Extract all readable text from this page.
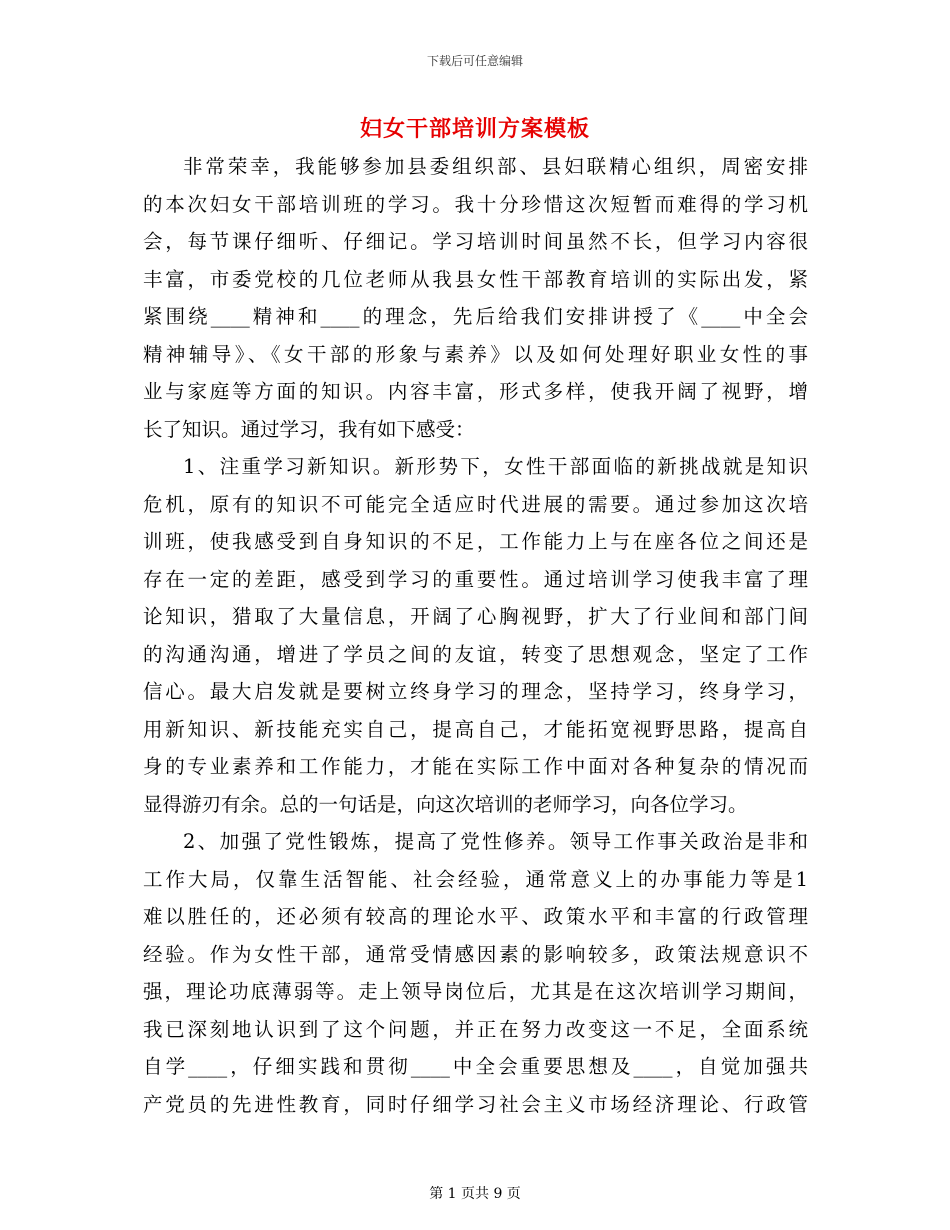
下载后可任意编辑
妇女干部培训方案模板
非常荣幸，我能够参加县委组织部、县妇联精心组织，周密安排
的本次妇女干部培训班的学习。我十分珍惜这次短暂而难得的学习机
会，每节课仔细听、仔细记。学习培训时间虽然不长，但学习内容很
丰富，市委党校的几位老师从我县女性干部教育培训的实际出发，紧
紧围绕____精神和____的理念，先后给我们安排讲授了《____中全会
精神辅导》、《女干部的形象与素养》以及如何处理好职业女性的事
业与家庭等方面的知识。内容丰富，形式多样，使我开阔了视野，增
长了知识。通过学习，我有如下感受：
1、注重学习新知识。新形势下，女性干部面临的新挑战就是知识
危机，原有的知识不可能完全适应时代进展的需要。通过参加这次培
训班，使我感受到自身知识的不足，工作能力上与在座各位之间还是
存在一定的差距，感受到学习的重要性。通过培训学习使我丰富了理
论知识，猎取了大量信息，开阔了心胸视野，扩大了行业间和部门间
的沟通沟通，增进了学员之间的友谊，转变了思想观念，坚定了工作
信心。最大启发就是要树立终身学习的理念，坚持学习，终身学习，
用新知识、新技能充实自己，提高自己，才能拓宽视野思路，提高自
身的专业素养和工作能力，才能在实际工作中面对各种复杂的情况而
显得游刃有余。总的一句话是，向这次培训的老师学习，向各位学习。
2、加强了党性锻炼，提高了党性修养。领导工作事关政治是非和
工作大局，仅靠生活智能、社会经验，通常意义上的办事能力等是1
难以胜任的，还必须有较高的理论水平、政策水平和丰富的行政管理
经验。作为女性干部，通常受情感因素的影响较多，政策法规意识不
强，理论功底薄弱等。走上领导岗位后，尤其是在这次培训学习期间，
我已深刻地认识到了这个问题，并正在努力改变这一不足，全面系统
自学____，仔细实践和贯彻____中全会重要思想及____，自觉加强共
产党员的先进性教育，同时仔细学习社会主义市场经济理论、行政管
第 1 页共 9 页
